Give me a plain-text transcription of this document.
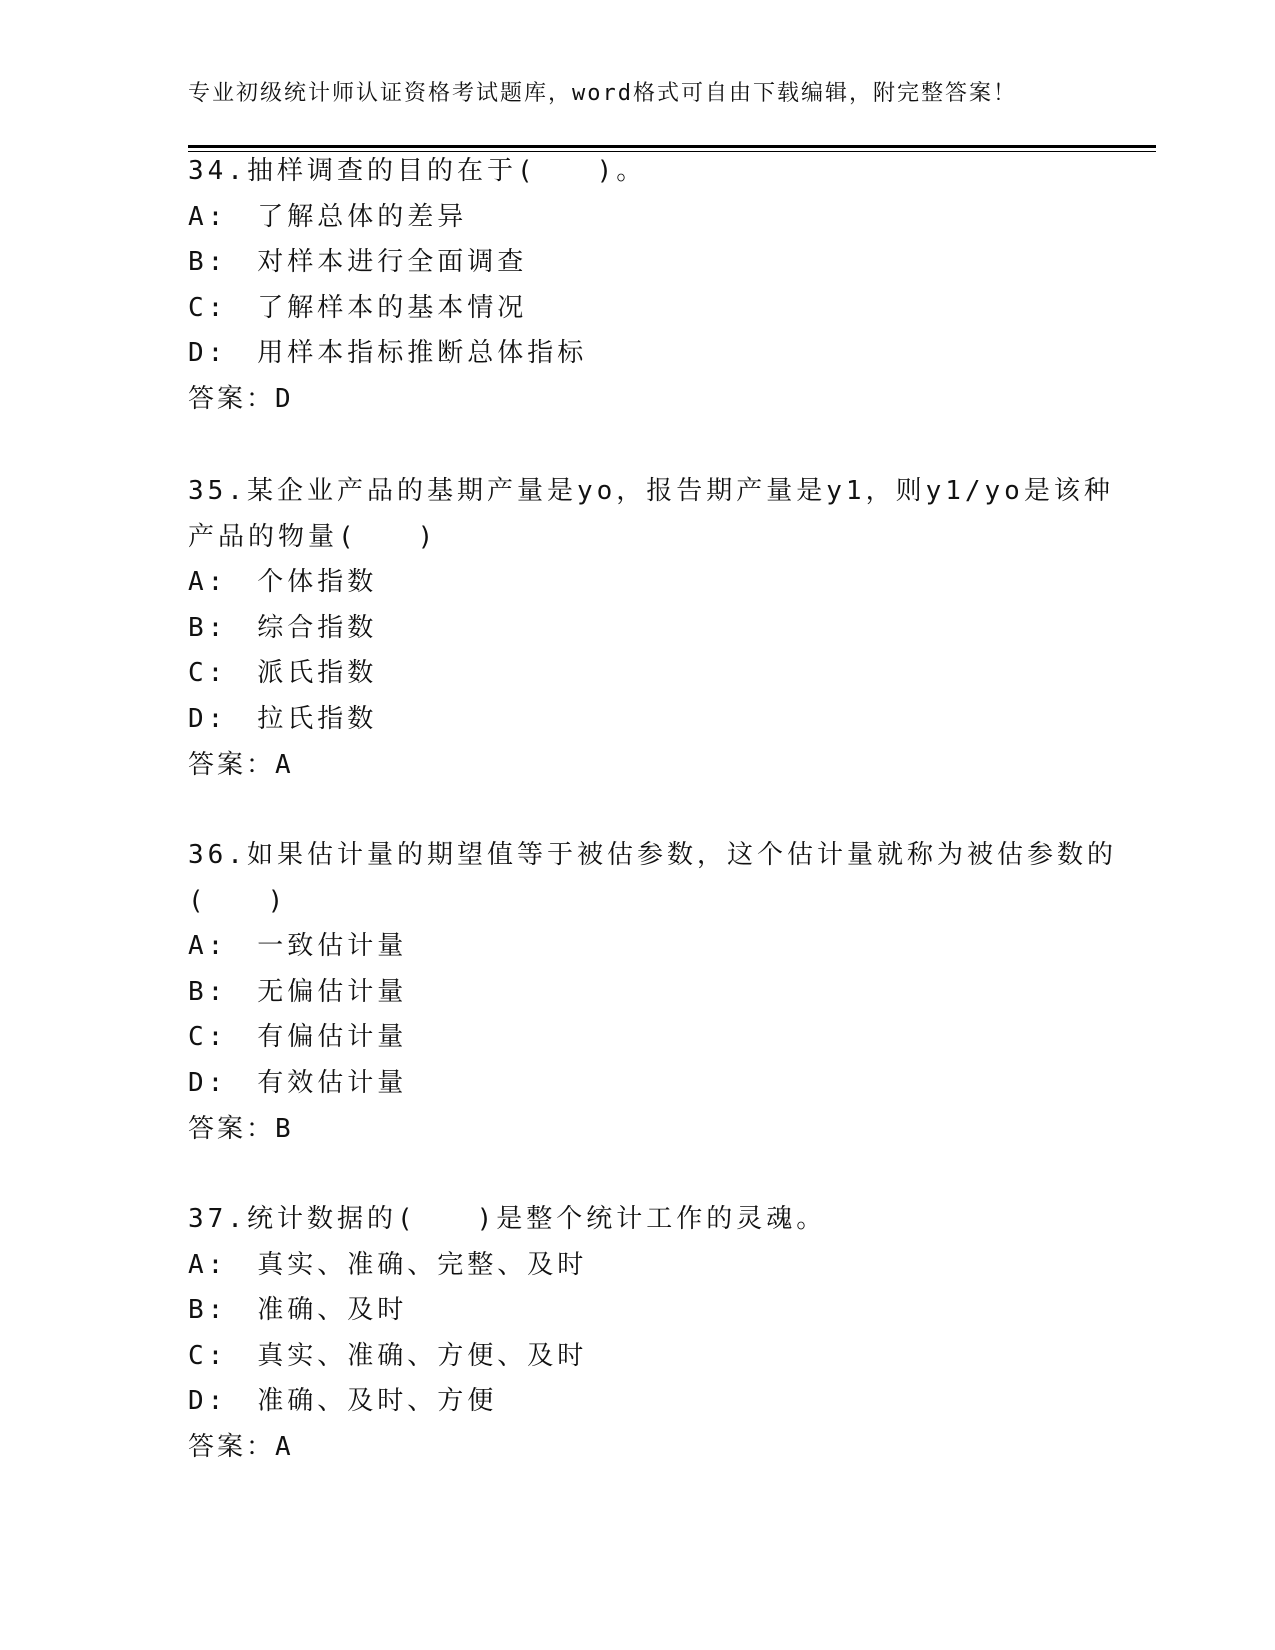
专业初级统计师认证资格考试题库，word格式可自由下载编辑，附完整答案！
34.抽样调查的目的在于(　　)。
A:　了解总体的差异
B:　对样本进行全面调查
C:　了解样本的基本情况
D:　用样本指标推断总体指标
答案：D
35.某企业产品的基期产量是yo，报告期产量是y1，则y1/yo是该种
产品的物量(　　)
A:　个体指数
B:　综合指数
C:　派氏指数
D:　拉氏指数
答案：A
36.如果估计量的期望值等于被估参数，这个估计量就称为被估参数的
(　　)
A:　一致估计量
B:　无偏估计量
C:　有偏估计量
D:　有效估计量
答案：B
37.统计数据的(　　)是整个统计工作的灵魂。
A:　真实、准确、完整、及时
B:　准确、及时
C:　真实、准确、方便、及时
D:　准确、及时、方便
答案：A
